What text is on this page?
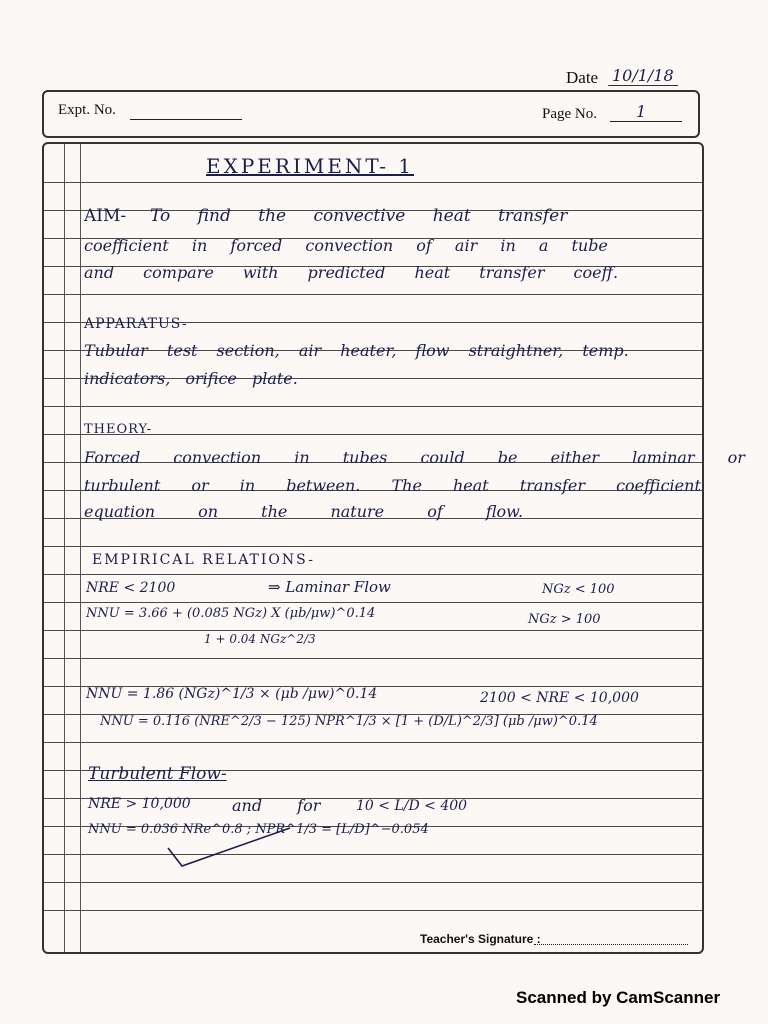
Date 10/1/18
Expt. No.	Page No. 1
EXPERIMENT- 1
AIM- To find the convective heat transfer
coefficient in forced convection of air in a tube
and compare with predicted heat transfer coeff.
APPARATUS-
Tubular test section, air heater, flow straightner, temp.
indicators, orifice plate.
THEORY-
Forced convection in tubes could be either laminar or
turbulent or in between. The heat transfer coefficient
equation on the nature of flow.
EMPIRICAL RELATIONS-
NRE < 2100	⇒ Laminar Flow	NGz < 100
NNU = 3.66 + (0.085 NGz) X (μb/μw)^0.14	NGz > 100
1 + 0.04 NGz^2/3
NNU = 1.86 (NGz)^1/3 × (μb /μw)^0.14	2100 < NRE < 10,000
NNU = 0.116 (NRE^2/3 − 125) NPR^1/3 × [1 + (D/L)^2/3] (μb /μw)^0.14
Turbulent Flow-
NRE > 10,000	and for	10 < L/D < 400
NNU = 0.036 NRe^0.8 ; NPR^1/3 = [L/D]^−0.054
Teacher's Signature :
Scanned by CamScanner
